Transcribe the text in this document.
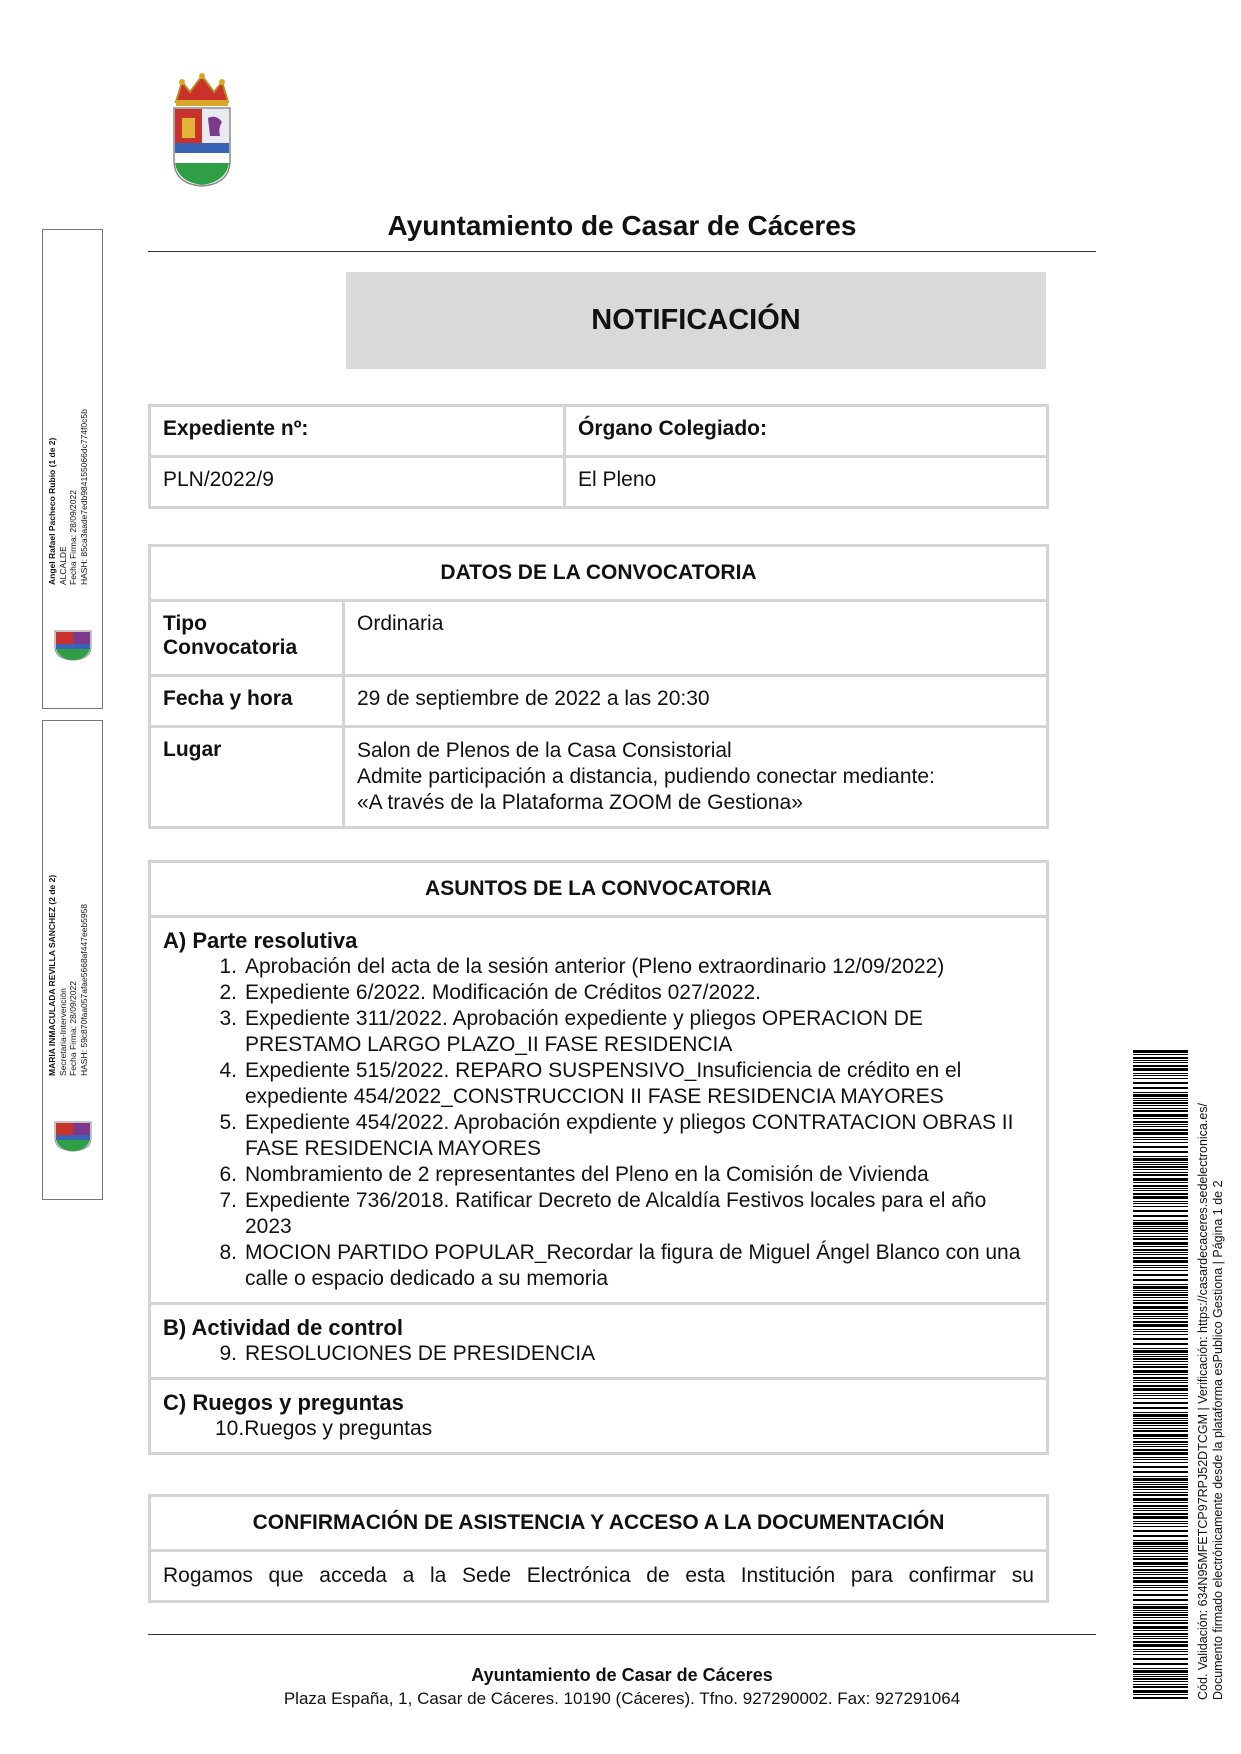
Ayuntamiento de Casar de Cáceres
NOTIFICACIÓN
Expediente nº:	Órgano Colegiado:
PLN/2022/9	El Pleno
DATOS DE LA CONVOCATORIA	
Tipo Convocatoria	Ordinaria
Fecha y hora	29 de septiembre de 2022 a las 20:30
Lugar	Salon de Plenos de la Casa Consistorial
Admite participación a distancia, pudiendo conectar mediante:
«A través de la Plataforma ZOOM de Gestiona»
ASUNTOS DE LA CONVOCATORIA

A) Parte resolutiva

1. Aprobación del acta de la sesión anterior (Pleno extraordinario 12/09/2022)
2. Expediente 6/2022. Modificación de Créditos 027/2022.
3. Expediente 311/2022. Aprobación expediente y pliegos OPERACION DE PRESTAMO LARGO PLAZO_II FASE RESIDENCIA
4. Expediente 515/2022. REPARO SUSPENSIVO_Insuficiencia de crédito en el expediente 454/2022_CONSTRUCCION II FASE RESIDENCIA MAYORES
5. Expediente 454/2022. Aprobación expdiente y pliegos CONTRATACION OBRAS II FASE RESIDENCIA MAYORES
6. Nombramiento de 2 representantes del Pleno en la Comisión de Vivienda
7. Expediente 736/2018. Ratificar Decreto de Alcaldía Festivos locales para el año 2023
8. MOCION PARTIDO POPULAR_Recordar la figura de Miguel Ángel Blanco con una calle o espacio dedicado a su memoria

B) Actividad de control

9. RESOLUCIONES DE PRESIDENCIA

C) Ruegos y preguntas

10. Ruegos y preguntas
CONFIRMACIÓN DE ASISTENCIA Y ACCESO A LA DOCUMENTACIÓN
Rogamos que acceda a la Sede Electrónica de esta Institución para confirmar su
Ayuntamiento de Casar de Cáceres
Plaza España, 1, Casar de Cáceres. 10190 (Cáceres). Tfno. 927290002. Fax: 927291064
Angel Rafael Pacheco Rubio (1 de 2) ALCALDE Fecha Firma: 28/09/2022 HASH: 85ca3aade7edb984155066dc774f0c5b
MARIA INMACULADA REVILLA SANCHEZ (2 de 2) Secretaria-Intervención Fecha Firma: 28/09/2022 HASH: 59c870faa057afae5668af447eeb5958
Cód. Validación: 634N95MFETCP97RPJ52DTCGM | Verificación: https://casardecaceres.sedelectronica.es/ Documento firmado electrónicamente desde la plataforma esPublico Gestiona | Página 1 de 2
